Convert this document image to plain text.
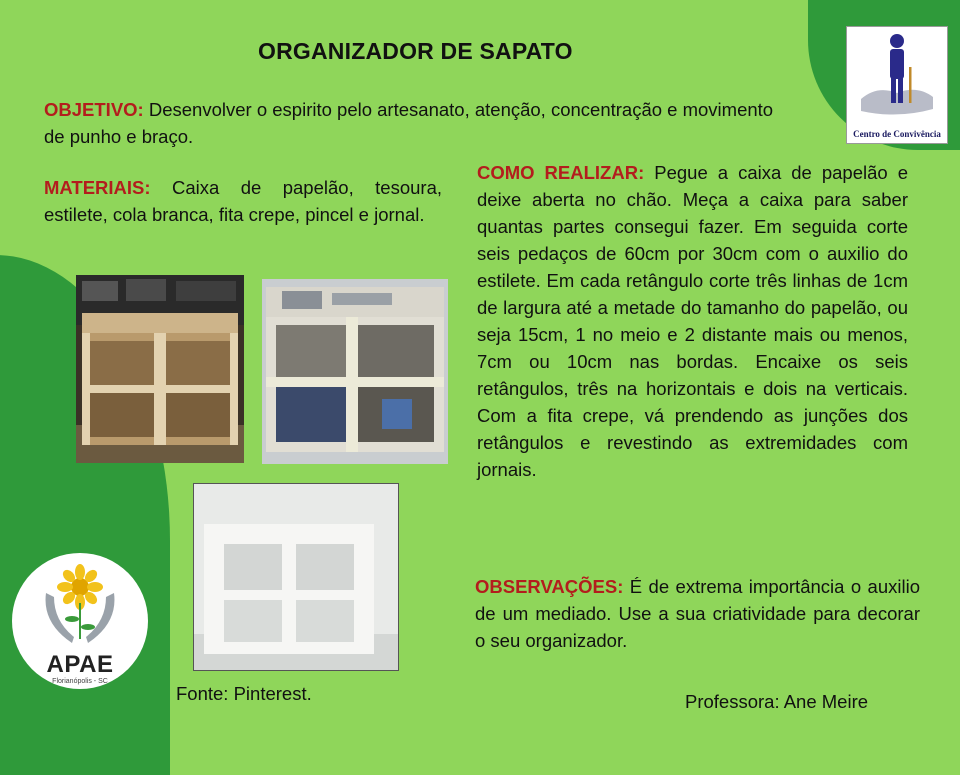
ORGANIZADOR DE SAPATO
OBJETIVO: Desenvolver o espirito pelo artesanato, atenção, concentração e movimento de punho e braço.
MATERIAIS: Caixa de papelão, tesoura, estilete, cola branca, fita crepe, pincel e jornal.
COMO REALIZAR: Pegue a caixa de papelão e deixe aberta no chão. Meça a caixa para saber quantas partes consegui fazer. Em seguida corte seis pedaços de 60cm por 30cm com o auxilio do estilete. Em cada retângulo corte três linhas de 1cm de largura até a metade do tamanho do papelão, ou seja 15cm, 1 no meio e 2 distante mais ou menos, 7cm ou 10cm nas bordas. Encaixe os seis retângulos, três na horizontais e dois na verticais. Com a fita crepe, vá prendendo as junções dos retângulos e revestindo as extremidades com jornais.
OBSERVAÇÕES: É de extrema importância o auxilio de um mediado. Use a sua criatividade para decorar o seu organizador.
Centro de Convivência
APAE
Florianópolis - SC
Fonte: Pinterest.	Professora: Ane Meire
